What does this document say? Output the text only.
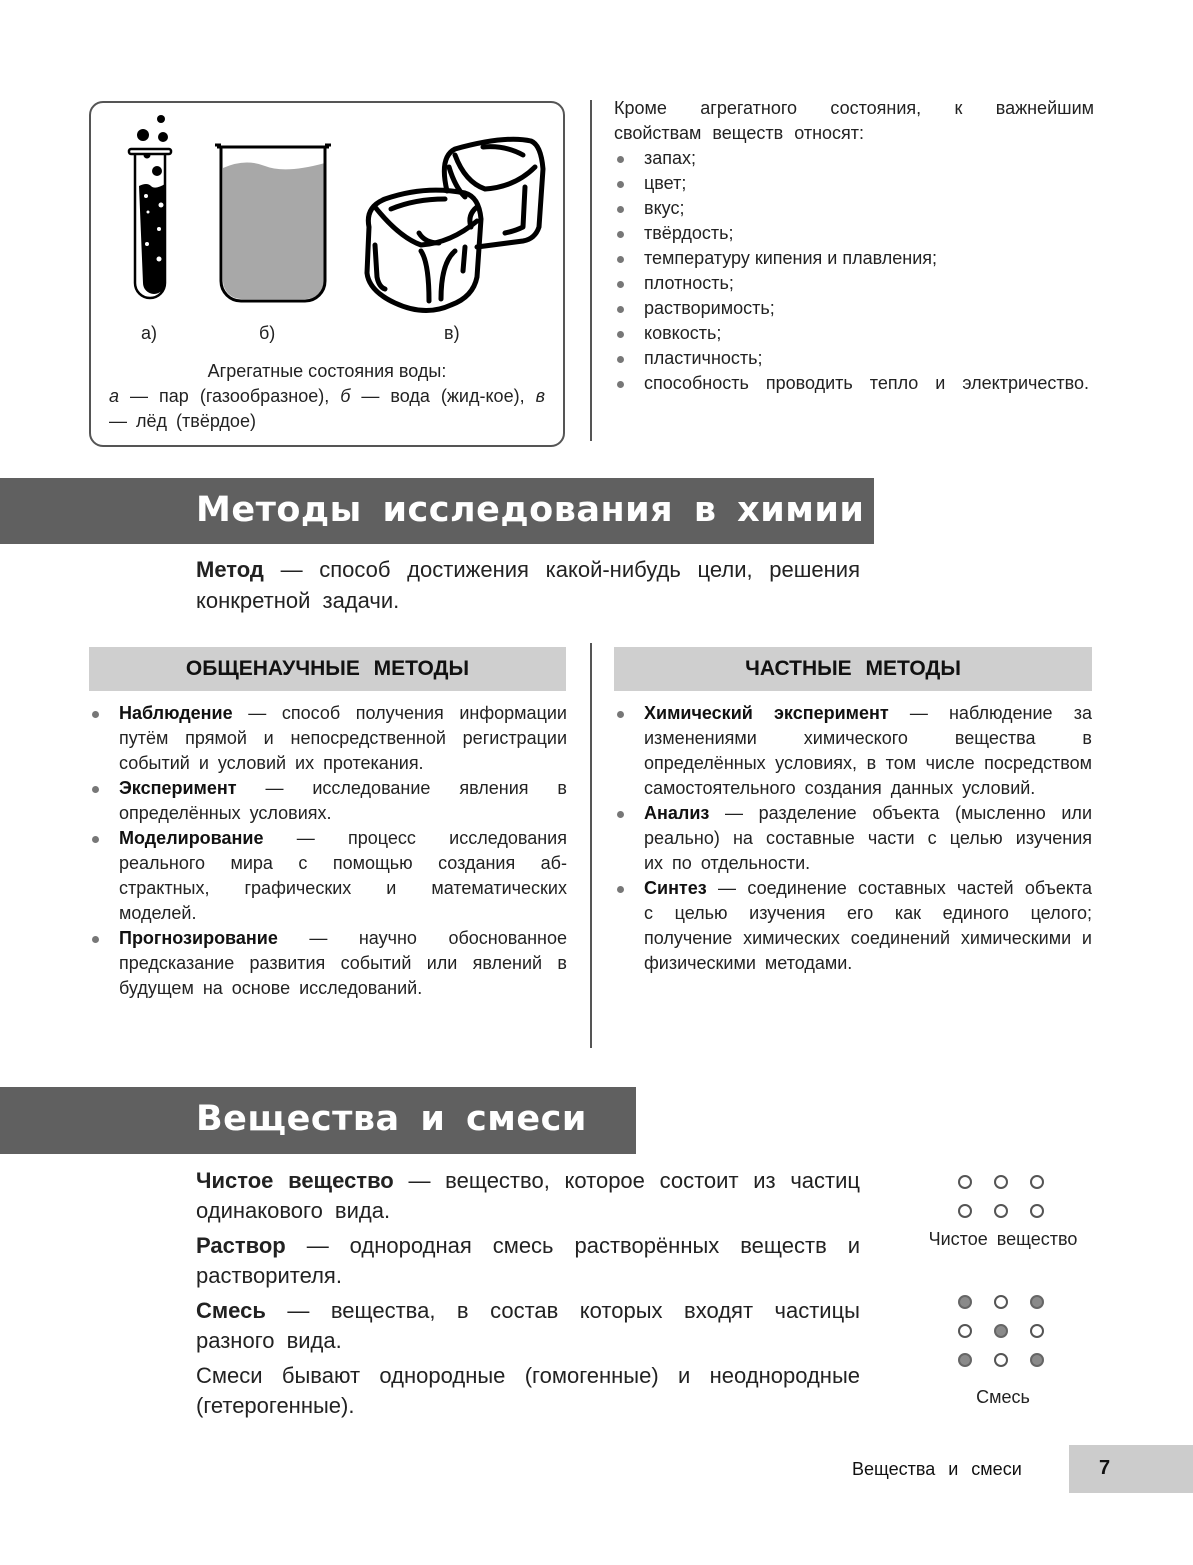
а)	б)	в)
Агрегатные состояния воды:
а — пар (газообразное), б — вода (жид-кое), в — лёд (твёрдое)
Кроме агрегатного состояния, к важнейшим свойствам веществ относят:
запах;
цвет;
вкус;
твёрдость;
температуру кипения и плавления;
плотность;
растворимость;
ковкость;
пластичность;
способность проводить тепло и электричество.
Методы исследования в химии
Метод — способ достижения какой-нибудь цели, решения конкретной задачи.
ОБЩЕНАУЧНЫЕ МЕТОДЫ	ЧАСТНЫЕ МЕТОДЫ
Наблюдение — способ получения информации путём прямой и непосредственной регистрации событий и условий их протекания.
Эксперимент — исследование явления в определённых условиях.
Моделирование — процесс исследования реального мира с помощью создания абстрактных, графических и математических моделей.
Прогнозирование — научно обоснованное предсказание развития событий или явлений в будущем на основе исследований.
Химический эксперимент — наблюдение за изменениями химического вещества в определённых условиях, в том числе посредством самостоятельного создания данных условий.
Анализ — разделение объекта (мысленно или реально) на составные части с целью изучения их по отдельности.
Синтез — соединение составных частей объекта с целью изучения его как единого целого; получение химических соединений химическими и физическими методами.
Вещества и смеси

Чистое вещество — вещество, которое состоит из частиц одинакового вида.

Раствор — однородная смесь растворённых веществ и растворителя.

Смесь — вещества, в состав которых входят частицы разного вида.

Смеси бывают однородные (гомогенные) и неоднородные (гетерогенные).

Чистое вещество
Смесь
Вещества и смеси	7
